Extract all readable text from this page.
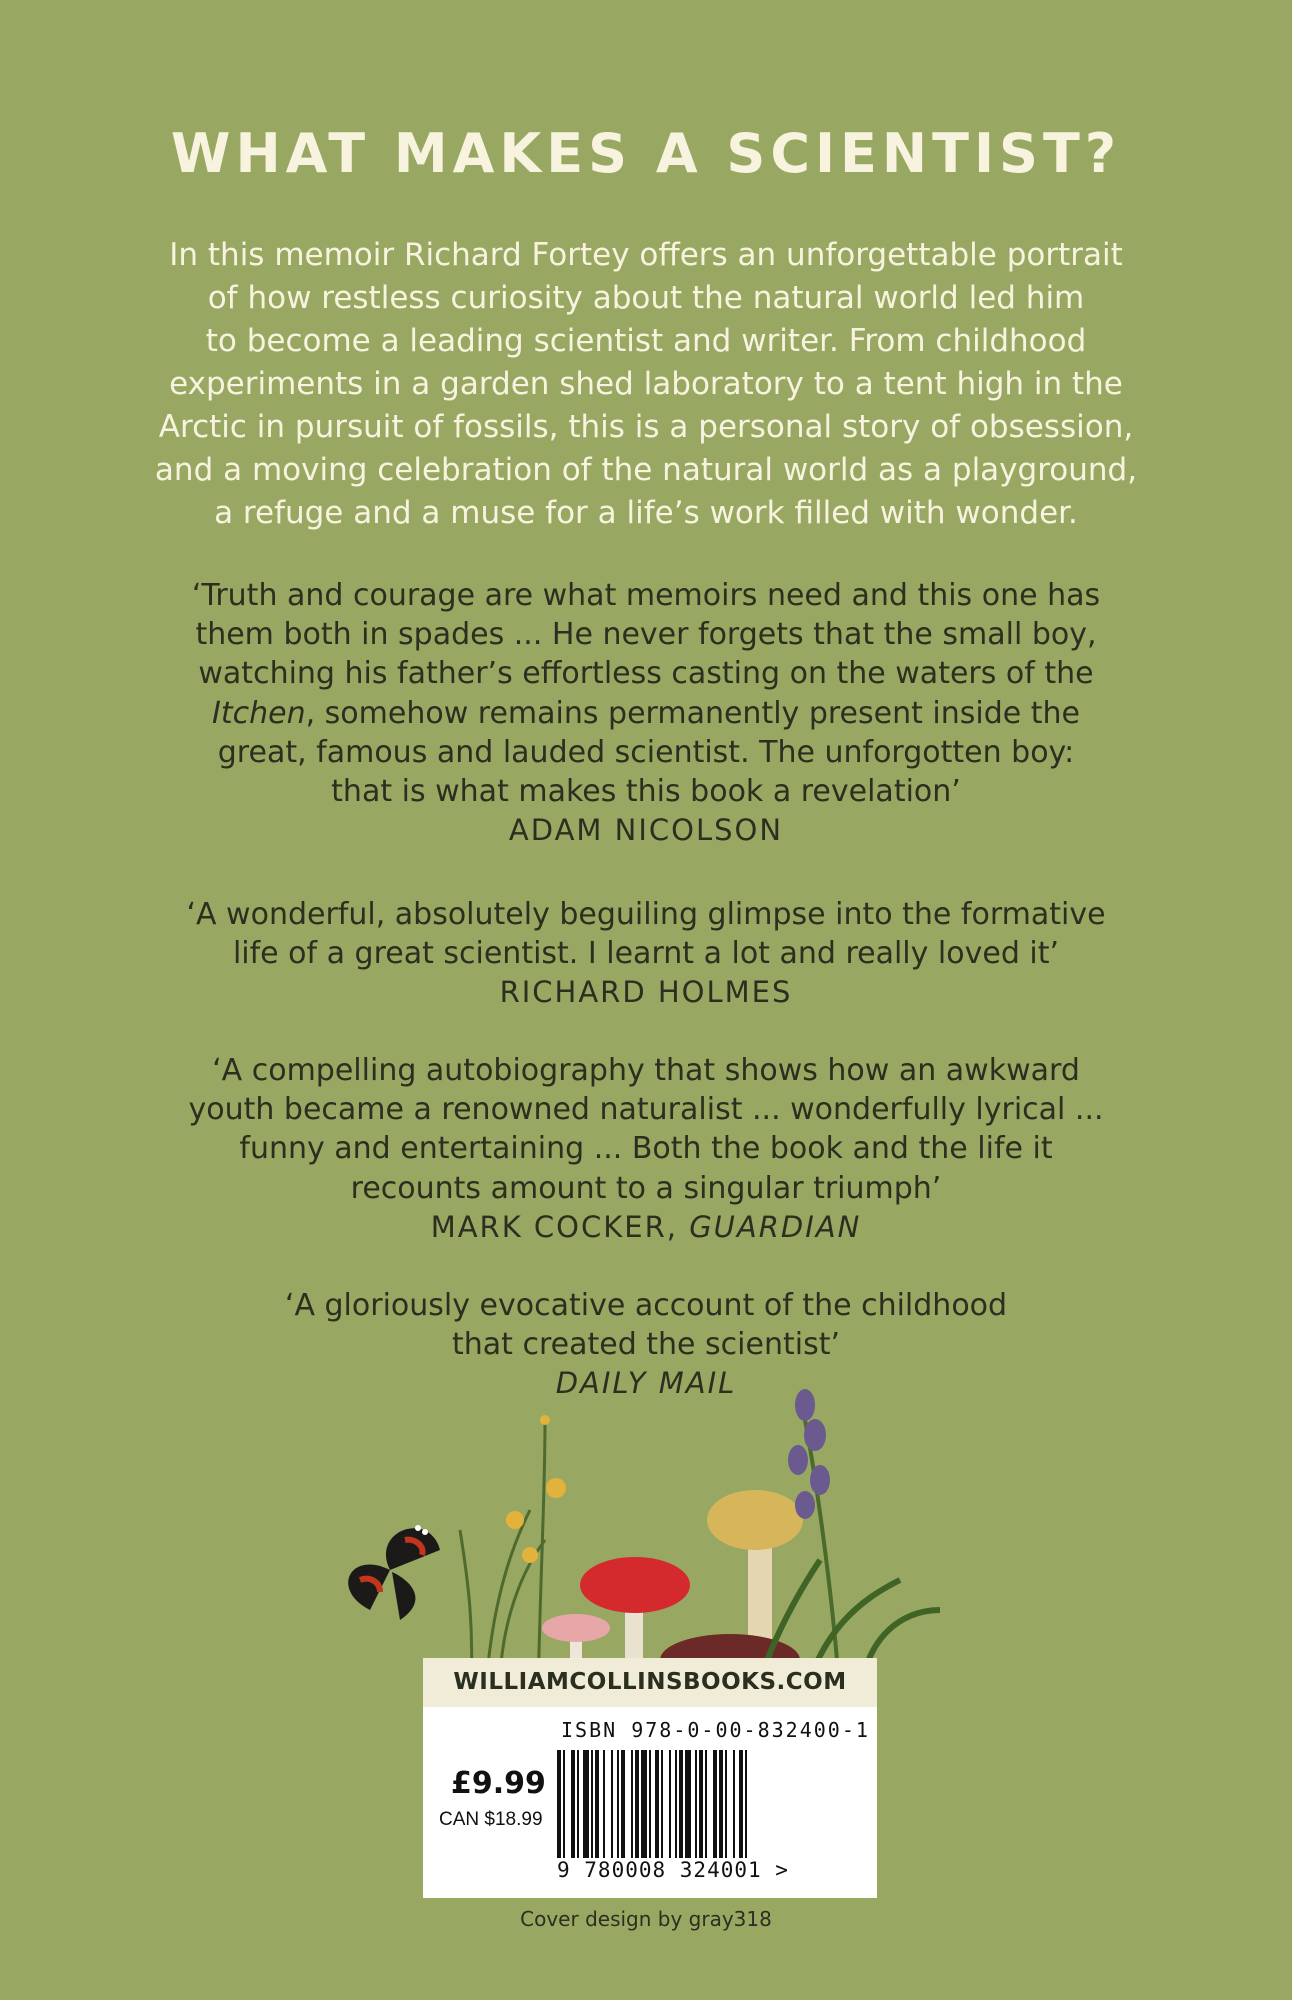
WHAT MAKES A SCIENTIST?
In this memoir Richard Fortey offers an unforgettable portrait
of how restless curiosity about the natural world led him
to become a leading scientist and writer. From childhood
experiments in a garden shed laboratory to a tent high in the
Arctic in pursuit of fossils, this is a personal story of obsession,
and a moving celebration of the natural world as a playground,
a refuge and a muse for a life’s work filled with wonder.
‘Truth and courage are what memoirs need and this one has
them both in spades ... He never forgets that the small boy,
watching his father’s effortless casting on the waters of the
Itchen, somehow remains permanently present inside the
great, famous and lauded scientist. The unforgotten boy:
that is what makes this book a revelation’
ADAM NICOLSON
‘A wonderful, absolutely beguiling glimpse into the formative
life of a great scientist. I learnt a lot and really loved it’
RICHARD HOLMES
‘A compelling autobiography that shows how an awkward
youth became a renowned naturalist ... wonderfully lyrical ...
funny and entertaining ... Both the book and the life it
recounts amount to a singular triumph’
MARK COCKER, GUARDIAN
‘A gloriously evocative account of the childhood
that created the scientist’
DAILY MAIL
WILLIAMCOLLINSBOOKS.COM
ISBN 978-0-00-832400-1
£9.99
CAN $18.99
9 780008 324001 >
Cover design by gray318
